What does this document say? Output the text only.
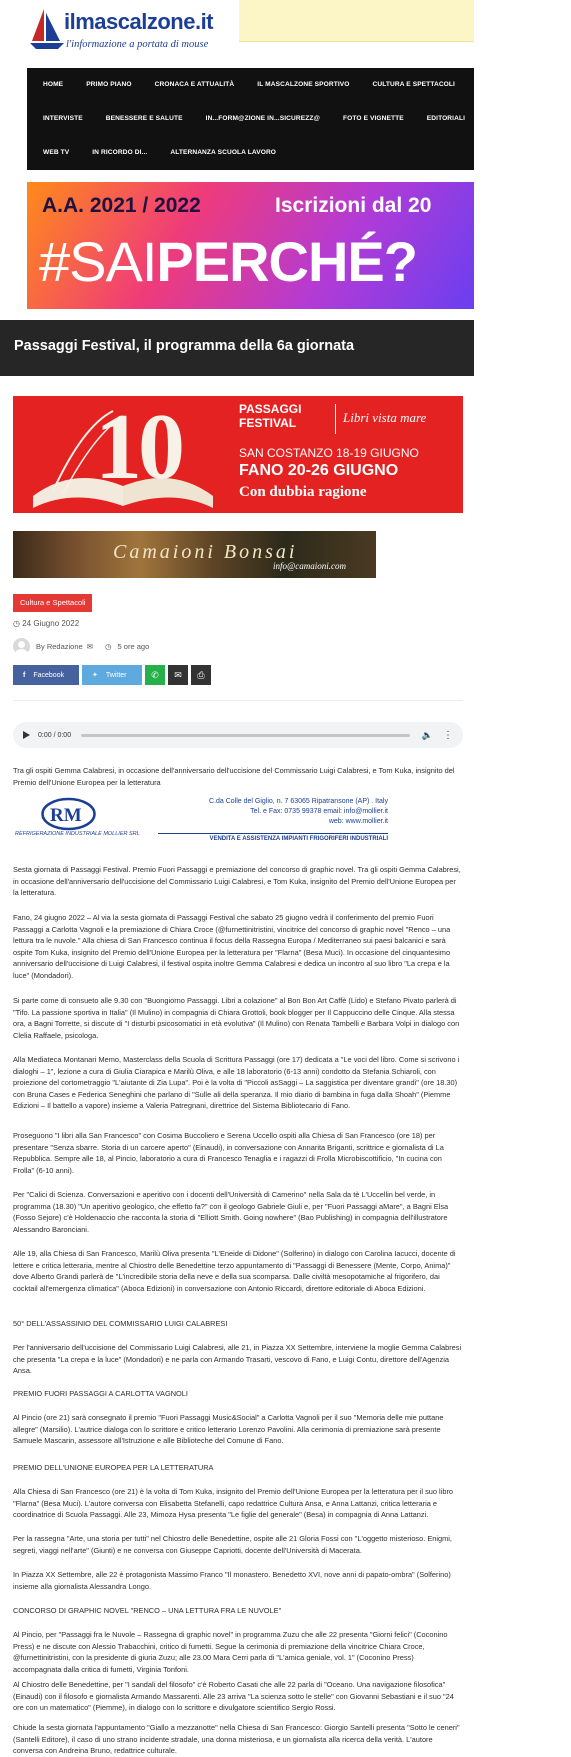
ilmascalzone.it
l'informazione a portata di mouse
HOME	PRIMO PIANO	CRONACA E ATTUALITÀ	IL MASCALZONE SPORTIVO	CULTURA E SPETTACOLI	RECENSIONI	SHOW
INTERVISTE	BENESSERE E SALUTE	IN...FORM@ZIONE IN...SICUREZZ@	FOTO E VIGNETTE	EDITORIALI	IN VETRINA	V
WEB TV	IN RICORDO DI...	ALTERNANZA SCUOLA LAVORO
A.A. 2021 / 2022	Iscrizioni dal 20
#SAIPERCHÉ?
Passaggi Festival, il programma della 6a giornata
10	PASSAGGI
FESTIVAL	Libri vista mare
SAN COSTANZO 18-19 GIUGNO
FANO 20-26 GIUGNO
Con dubbia ragione
Camaioni Bonsai
info@camaioni.com
Cultura e Spettacoli
◷ 24 Giugno 2022
By Redazione ✉ ◷ 5 ore ago
f Facebook	✦ Twitter	✆ ✉ ⎙
0:00 / 0:00	🔈 ⋮

Tra gli ospiti Gemma Calabresi, in occasione dell'anniversario dell'uccisione del Commissario Luigi Calabresi, e Tom Kuka, insignito del Premio dell'Unione Europea per la letteratura

RM
REFRIGERAZIONE INDUSTRIALE MOLLIER SRL
C.da Colle del Giglio, n. 7 63065 Ripatransone (AP) . Italy
Tel. e Fax: 0735 99378 email: info@mollier.it
web: www.mollier.it
VENDITA E ASSISTENZA IMPIANTI FRIGORIFERI INDUSTRIALI

Sesta giornata di Passaggi Festival. Premio Fuori Passaggi e premiazione del concorso di graphic novel. Tra gli ospiti Gemma Calabresi, in occasione dell'anniversario dell'uccisione del Commissario Luigi Calabresi, e Tom Kuka, insignito del Premio dell'Unione Europea per la letteratura.

Fano, 24 giugno 2022 – Al via la sesta giornata di Passaggi Festival che sabato 25 giugno vedrà il conferimento del premio Fuori Passaggi a Carlotta Vagnoli e la premiazione di Chiara Croce (@furnettinitristini, vincitrice del concorso di graphic novel "Renco – una lettura tra le nuvole." Alla chiesa di San Francesco continua il focus della Rassegna Europa / Mediterraneo sui paesi balcanici e sarà ospite Tom Kuka, insignito del Premio dell'Unione Europea per la letteratura per "Flarna" (Besa Muci). In occasione del cinquantesimo anniversario dell'uccisione di Luigi Calabresi, il festival ospita inoltre Gemma Calabresi e dedica un incontro al suo libro "La crepa e la luce" (Mondadori).

Si parte come di consueto alle 9.30 con "Buongiorno Passaggi. Libri a colazione" al Bon Bon Art Caffè (Lido) e Stefano Pivato parlerà di "Tifo. La passione sportiva in Italia" (Il Mulino) in compagnia di Chiara Grottoli, book blogger per Il Cappuccino delle Cinque. Alla stessa ora, a Bagni Torrette, si discute di "I disturbi psicosomatici in età evolutiva" (Il Mulino) con Renata Tambelli e Barbara Volpi in dialogo con Clelia Raffaele, psicologa.

Alla Mediateca Montanari Memo, Masterclass della Scuola di Scrittura Passaggi (ore 17) dedicata a "Le voci del libro. Come si scrivono i dialoghi – 1", lezione a cura di Giulia Ciarapica e Marilù Oliva, e alle 18 laboratorio (6-13 anni) condotto da Stefania Schiaroli, con proiezione del cortometraggio "L'aiutante di Zia Lupa". Poi è la volta di "Piccoli asSaggi – La saggistica per diventare grandi" (ore 18.30) con Bruna Cases e Federica Seneghini che parlano di "Sulle ali della speranza. Il mio diario di bambina in fuga dalla Shoah" (Piemme Edizioni – Il battello a vapore) insieme a Valeria Patregnani, direttrice del Sistema Bibliotecario di Fano.

Proseguono "I libri alla San Francesco" con Cosima Buccoliero e Serena Uccello ospiti alla Chiesa di San Francesco (ore 18) per presentare "Senza sbarre. Storia di un carcere aperto" (Einaudi), in conversazione con Annarita Briganti, scrittrice e giornalista di La Repubblica. Sempre alle 18, al Pincio, laboratorio a cura di Francesco Tenaglia e i ragazzi di Frolla Microbiscottificio, "In cucina con Frolla" (6-10 anni).

Per "Calici di Scienza. Conversazioni e aperitivo con i docenti dell'Università di Camerino" nella Sala da tè L'Uccellin bel verde, in programma (18.30) "Un aperitivo geologico, che effetto fa?" con il geologo Gabriele Giuli e, per "Fuori Passaggi aMare", a Bagni Elsa (Fosso Sejore) c'è Holdenaccio che racconta la storia di "Elliott Smith. Going nowhere" (Bao Publishing) in compagnia dell'illustratore Alessandro Baronciani.

Alle 19, alla Chiesa di San Francesco, Marilù Oliva presenta "L'Eneide di Didone" (Solferino) in dialogo con Carolina Iacucci, docente di lettere e critica letteraria, mentre al Chiostro delle Benedettine terzo appuntamento di "Passaggi di Benessere (Mente, Corpo, Anima)" dove Alberto Grandi parlerà de "L'incredibile storia della neve e della sua scomparsa. Dalle civiltà mesopotamiche al frigorifero, dai cocktail all'emergenza climatica" (Aboca Edizioni) in conversazione con Antonio Riccardi, direttore editoriale di Aboca Edizioni.

50° DELL'ASSASSINIO DEL COMMISSARIO LUIGI CALABRESI

Per l'anniversario dell'uccisione del Commissario Luigi Calabresi, alle 21, in Piazza XX Settembre, interviene la moglie Gemma Calabresi che presenta "La crepa e la luce" (Mondadori) e ne parla con Armando Trasarti, vescovo di Fano, e Luigi Contu, direttore dell'Agenzia Ansa.

PREMIO FUORI PASSAGGI A CARLOTTA VAGNOLI

Al Pincio (ore 21) sarà consegnato il premio "Fuori Passaggi Music&Social" a Carlotta Vagnoli per il suo "Memoria delle mie puttane allegre" (Marsilio). L'autrice dialoga con lo scrittore e critico letterario Lorenzo Pavolini. Alla cerimonia di premiazione sarà presente Samuele Mascarin, assessore all'Istruzione e alle Biblioteche del Comune di Fano.

PREMIO DELL'UNIONE EUROPEA PER LA LETTERATURA

Alla Chiesa di San Francesco (ore 21) è la volta di Tom Kuka, insignito del Premio dell'Unione Europea per la letteratura per il suo libro "Flarna" (Besa Muci). L'autore conversa con Elisabetta Stefanelli, capo redattrice Cultura Ansa, e Anna Lattanzi, critica letteraria e coordinatrice di Scuola Passaggi. Alle 23, Mimoza Hysa presenta "Le figlie del generale" (Besa) in compagnia di Anna Lattanzi.

Per la rassegna "Arte, una storia per tutti" nel Chiostro delle Benedettine, ospite alle 21 Gloria Fossi con "L'oggetto misterioso. Enigmi, segreti, viaggi nell'arte" (Giunti) e ne conversa con Giuseppe Capriotti, docente dell'Università di Macerata.

In Piazza XX Settembre, alle 22 è protagonista Massimo Franco "Il monastero. Benedetto XVI, nove anni di papato-ombra" (Solferino) insieme alla giornalista Alessandra Longo.

CONCORSO DI GRAPHIC NOVEL "RENCO – UNA LETTURA FRA LE NUVOLE"

Al Pincio, per "Passaggi fra le Nuvole – Rassegna di graphic novel" in programma Zuzu che alle 22 presenta "Giorni felici" (Coconino Press) e ne discute con Alessio Trabacchini, critico di fumetti. Segue la cerimonia di premiazione della vincitrice Chiara Croce, @furnettinitristini, con la presidente di giuria Zuzu; alle 23.00 Mara Cerri parla di "L'amica geniale, vol. 1" (Coconino Press) accompagnata dalla critica di fumetti, Virginia Tonfoni.

Al Chiostro delle Benedettine, per "I sandali del filosofo" c'è Roberto Casati che alle 22 parla di "Oceano. Una navigazione filosofica" (Einaudi) con il filosofo e giornalista Armando Massarenti. Alle 23 arriva "La scienza sotto le stelle" con Giovanni Sebastiani e il suo "24 ore con un matematico" (Piemme), in dialogo con lo scrittore e divulgatore scientifico Sergio Rossi.

Chiude la sesta giornata l'appuntamento "Giallo a mezzanotte" nella Chiesa di San Francesco: Giorgio Santelli presenta "Sotto le ceneri" (Santelli Editore), il caso di uno strano incidente stradale, una donna misteriosa, e un giornalista alla ricerca della verità. L'autore conversa con Andreina Bruno, redattrice culturale.
